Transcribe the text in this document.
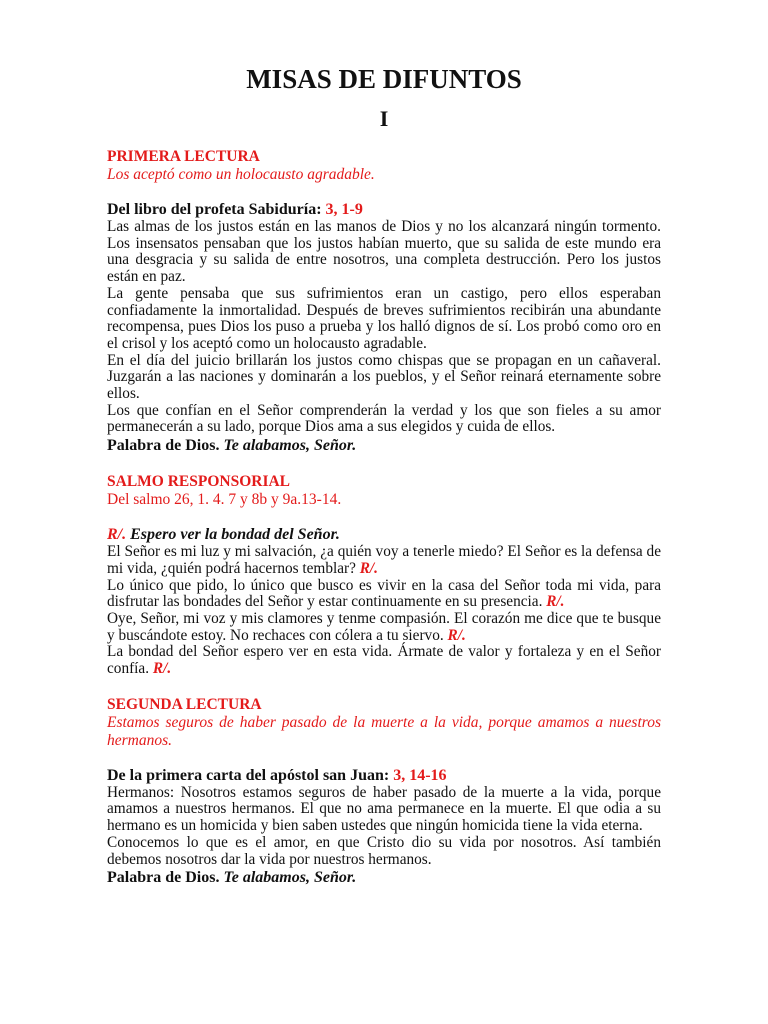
MISAS DE DIFUNTOS
I
PRIMERA LECTURA
Los aceptó como un holocausto agradable.
Del libro del profeta Sabiduría: 3, 1-9

Las almas de los justos están en las manos de Dios y no los alcanzará ningún tormento. Los insensatos pensaban que los justos habían muerto, que su salida de este mundo era una desgracia y su salida de entre nosotros, una completa destrucción. Pero los justos están en paz.

La gente pensaba que sus sufrimientos eran un castigo, pero ellos esperaban confiadamente la inmortalidad. Después de breves sufrimientos recibirán una abundante recompensa, pues Dios los puso a prueba y los halló dignos de sí. Los probó como oro en el crisol y los aceptó como un holocausto agradable.

En el día del juicio brillarán los justos como chispas que se propagan en un cañaveral. Juzgarán a las naciones y dominarán a los pueblos, y el Señor reinará eternamente sobre ellos.

Los que confían en el Señor comprenderán la verdad y los que son fieles a su amor permanecerán a su lado, porque Dios ama a sus elegidos y cuida de ellos.

Palabra de Dios. Te alabamos, Señor.
SALMO RESPONSORIAL
Del salmo 26, 1. 4. 7 y 8b y 9a.13-14.
R/. Espero ver la bondad del Señor.

El Señor es mi luz y mi salvación, ¿a quién voy a tenerle miedo? El Señor es la defensa de mi vida, ¿quién podrá hacernos temblar? R/.

Lo único que pido, lo único que busco es vivir en la casa del Señor toda mi vida, para disfrutar las bondades del Señor y estar continuamente en su presencia. R/.

Oye, Señor, mi voz y mis clamores y tenme compasión. El corazón me dice que te busque y buscándote estoy. No rechaces con cólera a tu siervo. R/.

La bondad del Señor espero ver en esta vida. Ármate de valor y fortaleza y en el Señor confía. R/.

SEGUNDA LECTURA
Estamos seguros de haber pasado de la muerte a la vida, porque amamos a nuestros hermanos.
De la primera carta del apóstol san Juan: 3, 14-16

Hermanos: Nosotros estamos seguros de haber pasado de la muerte a la vida, porque amamos a nuestros hermanos. El que no ama permanece en la muerte. El que odia a su hermano es un homicida y bien saben ustedes que ningún homicida tiene la vida eterna.

Conocemos lo que es el amor, en que Cristo dio su vida por nosotros. Así también debemos nosotros dar la vida por nuestros hermanos.

Palabra de Dios. Te alabamos, Señor.
